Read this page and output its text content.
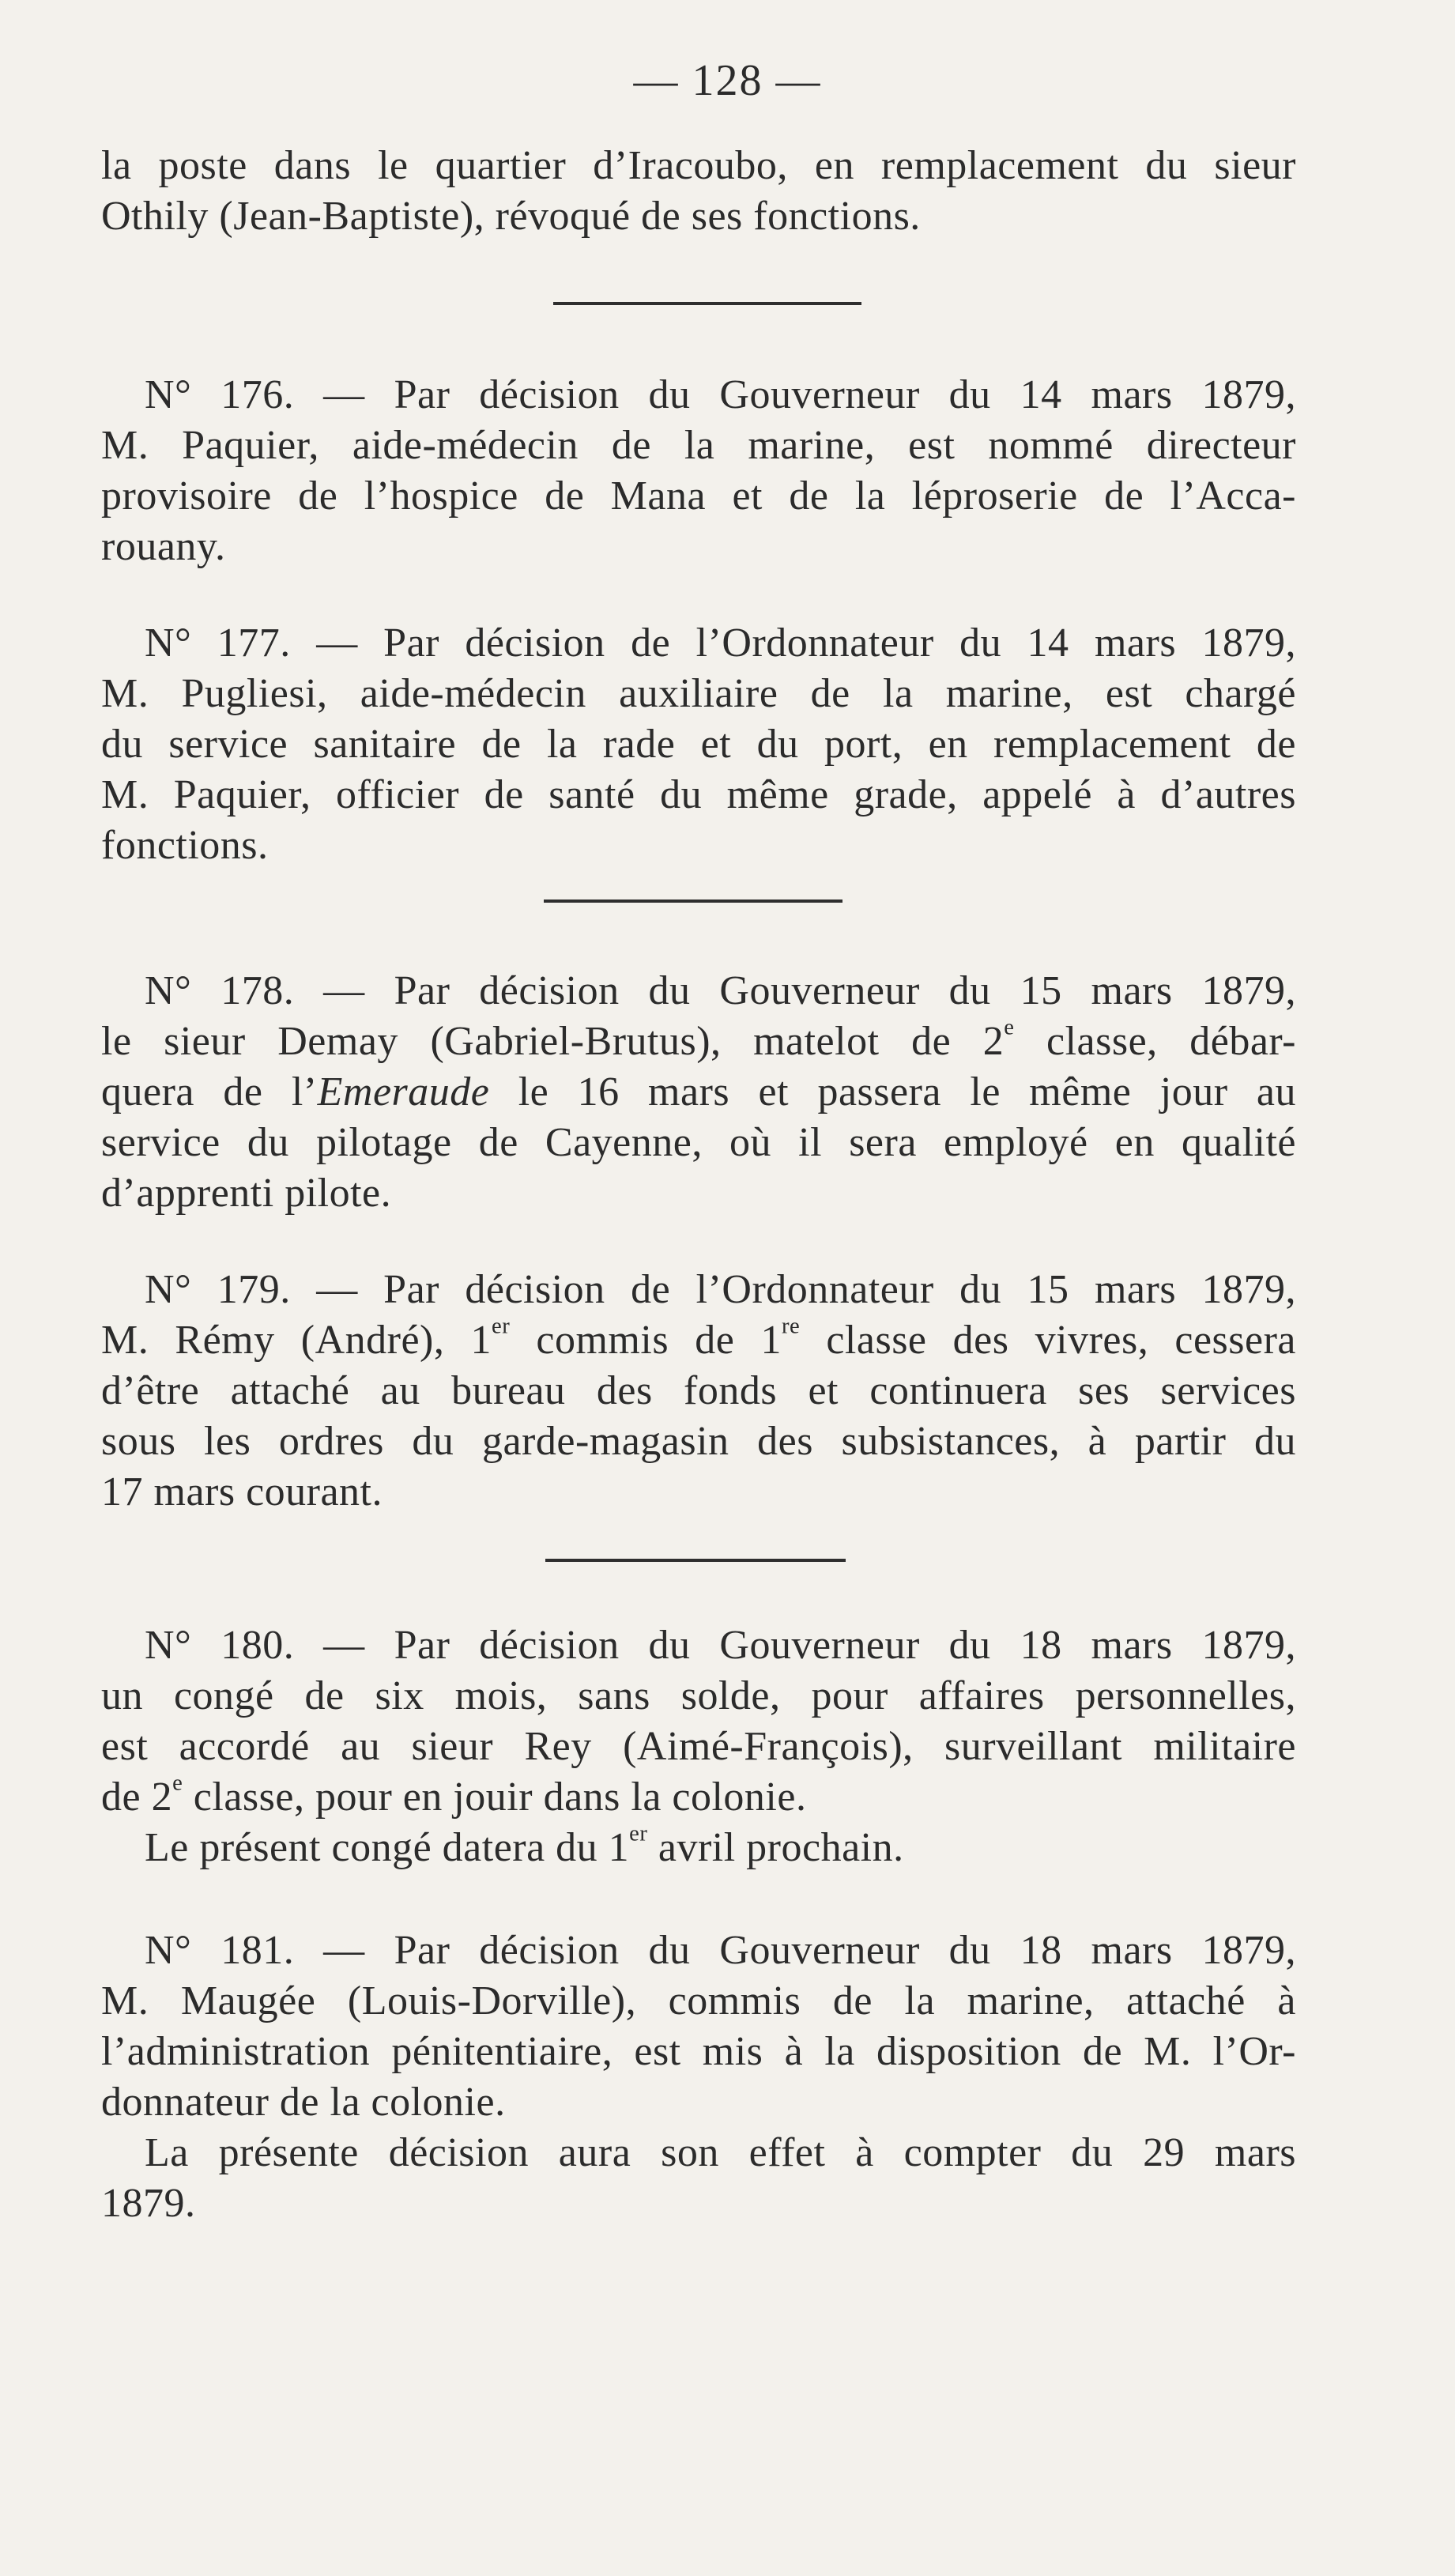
— 128 —
la poste dans le quartier d’Iracoubo, en remplacement du sieur
Othily (Jean-Baptiste), révoqué de ses fonctions.
N° 176. — Par décision du Gouverneur du 14 mars 1879,
M. Paquier, aide-médecin de la marine, est nommé directeur
provisoire de l’hospice de Mana et de la léproserie de l’Acca-
rouany.
N° 177. — Par décision de l’Ordonnateur du 14 mars 1879,
M. Pugliesi, aide-médecin auxiliaire de la marine, est chargé
du service sanitaire de la rade et du port, en remplacement de
M. Paquier, officier de santé du même grade, appelé à d’autres
fonctions.
N° 178. — Par décision du Gouverneur du 15 mars 1879,
le sieur Demay (Gabriel-Brutus), matelot de 2e classe, débar-
quera de l’Emeraude le 16 mars et passera le même jour au
service du pilotage de Cayenne, où il sera employé en qualité
d’apprenti pilote.
N° 179. — Par décision de l’Ordonnateur du 15 mars 1879,
M. Rémy (André), 1er commis de 1re classe des vivres, cessera
d’être attaché au bureau des fonds et continuera ses services
sous les ordres du garde-magasin des subsistances, à partir du
17 mars courant.
N° 180. — Par décision du Gouverneur du 18 mars 1879,
un congé de six mois, sans solde, pour affaires personnelles,
est accordé au sieur Rey (Aimé-François), surveillant militaire
de 2e classe, pour en jouir dans la colonie.
Le présent congé datera du 1er avril prochain.
N° 181. — Par décision du Gouverneur du 18 mars 1879,
M. Maugée (Louis-Dorville), commis de la marine, attaché à
l’administration pénitentiaire, est mis à la disposition de M. l’Or-
donnateur de la colonie.
La présente décision aura son effet à compter du 29 mars
1879.
